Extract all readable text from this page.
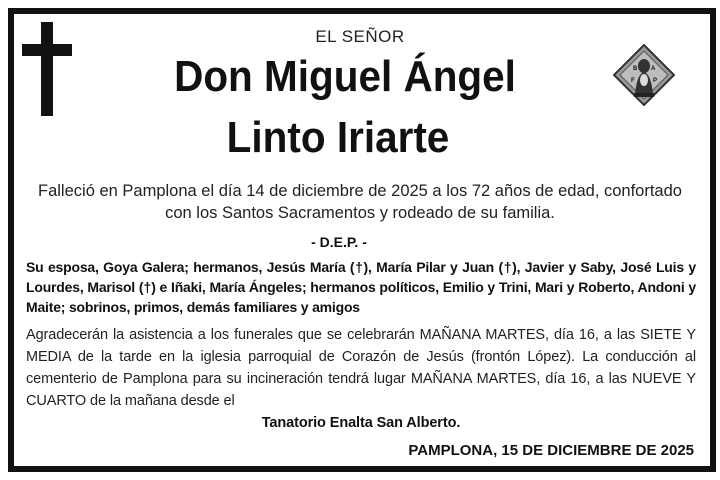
B A
P
F
EL SEÑOR
Don Miguel Ángel
Linto Iriarte
Falleció en Pamplona el día 14 de diciembre de 2025 a los 72 años de edad, confortado con los Santos Sacramentos y rodeado de su familia.
- D.E.P. -
Su esposa, Goya Galera; hermanos, Jesús María (†), María Pilar y Juan (†), Javier y Saby, José Luis y Lourdes, Marisol (†) e Iñaki, María Ángeles; hermanos políticos, Emilio y Trini, Mari y Roberto, Andoni y Maite; sobrinos, primos, demás familiares y amigos
Agradecerán la asistencia a los funerales que se celebrarán MAÑANA MARTES, día 16, a las SIETE Y MEDIA de la tarde en la iglesia parroquial de Corazón de Jesús (frontón López). La conducción al cementerio de Pamplona para su incineración tendrá lugar MAÑANA MARTES, día 16, a las NUEVE Y CUARTO de la mañana desde el
Tanatorio Enalta San Alberto.
PAMPLONA, 15 DE DICIEMBRE DE 2025
